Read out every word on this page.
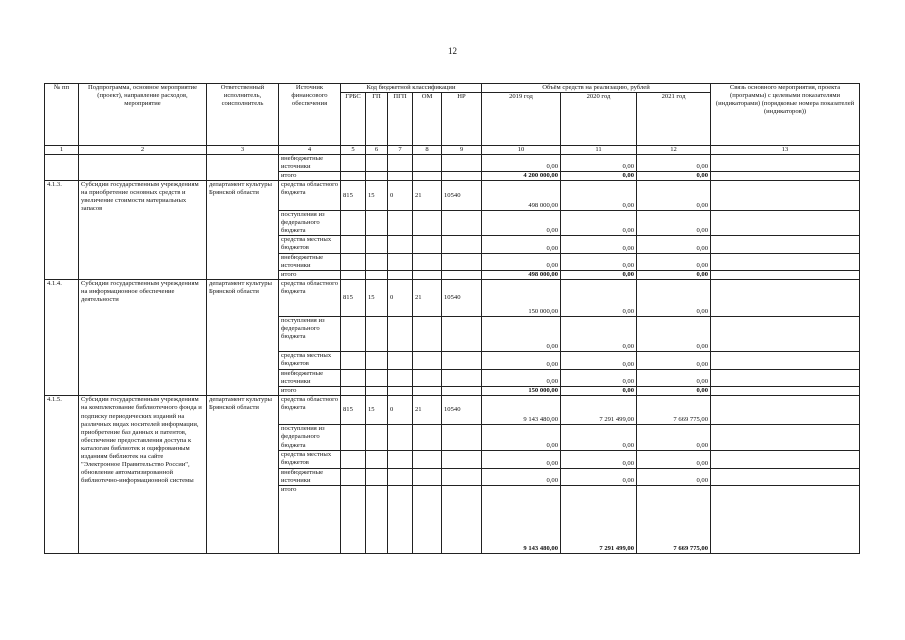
12
№ пп	Подпрограмма, основное мероприятие (проект), направление расходов, мероприятие	Ответственный исполнитель, соисполнитель	Источник финансового обеспечения	Код бюджетной классификации					Объём средств на реализацию, рублей			Связь основного мероприятия, проекта (программы) с целевыми показателями (индикаторами) (порядковые номера показателей (индикаторов))
				ГРБС	ГП	ПГП	ОМ	НР	2019 год	2020 год	2021 год	
1	2	3	4	5	6	7	8	9	10	11	12	13
			внебюджетные источники						0,00	0,00	0,00	
			итого						4 200 000,00	0,00	0,00	
4.1.3.	Субсидии государственным учреждениям на приобретение основных средств и увеличение стоимости материальных запасов	департамент культуры Брянской области	средства областного бюджета	815	15	0	21	10540	498 000,00	0,00	0,00	
			поступления из федерального бюджета						0,00	0,00	0,00	
			средства местных бюджетов						0,00	0,00	0,00	
			внебюджетные источники						0,00	0,00	0,00	
			итого						498 000,00	0,00	0,00	
4.1.4.	Субсидии государственным учреждениям на информационное обеспечение деятельности	департамент культуры Брянской области	средства областного бюджета	815	15	0	21	10540	150 000,00	0,00	0,00	
			поступления из федерального бюджета						0,00	0,00	0,00	
			средства местных бюджетов						0,00	0,00	0,00	
			внебюджетные источники						0,00	0,00	0,00	
			итого						150 000,00	0,00	0,00	
4.1.5.	Субсидии государственным учреждениям на комплектование библиотечного фонда и подписку периодических изданий на различных видах носителей информации, приобретение баз данных и патентов, обеспечение предоставления доступа к каталогам библиотек и оцифрованным изданиям библиотек на сайте "Электронное Правительство России", обновление автоматизированной библиотечно-информационной системы	департамент культуры Брянской области	средства областного бюджета	815	15	0	21	10540	9 143 480,00	7 291 499,00	7 669 775,00	
			поступления из федерального бюджета						0,00	0,00	0,00	
			средства местных бюджетов						0,00	0,00	0,00	
			внебюджетные источники						0,00	0,00	0,00	
			итого						9 143 480,00	7 291 499,00	7 669 775,00	
